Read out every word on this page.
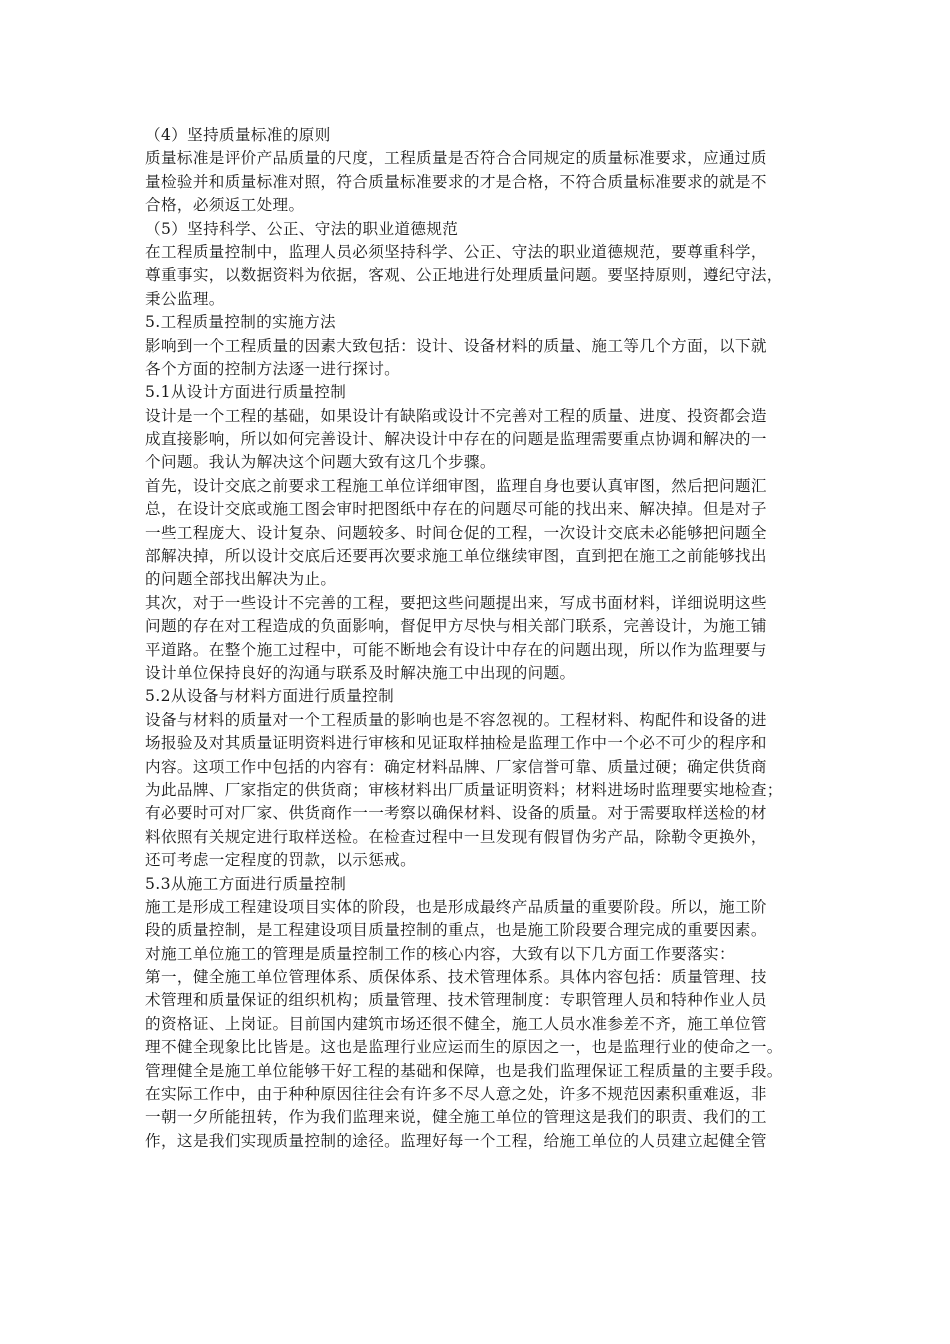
（4）坚持质量标准的原则
质量标准是评价产品质量的尺度，工程质量是否符合合同规定的质量标准要求，应通过质
量检验并和质量标准对照，符合质量标准要求的才是合格，不符合质量标准要求的就是不
合格，必须返工处理。
（5）坚持科学、公正、守法的职业道德规范
在工程质量控制中，监理人员必须坚持科学、公正、守法的职业道德规范，要尊重科学，
尊重事实，以数据资料为依据，客观、公正地进行处理质量问题。要坚持原则，遵纪守法，
秉公监理。
5.工程质量控制的实施方法
影响到一个工程质量的因素大致包括：设计、设备材料的质量、施工等几个方面，以下就
各个方面的控制方法逐一进行探讨。
5.1从设计方面进行质量控制
设计是一个工程的基础，如果设计有缺陷或设计不完善对工程的质量、进度、投资都会造
成直接影响，所以如何完善设计、解决设计中存在的问题是监理需要重点协调和解决的一
个问题。我认为解决这个问题大致有这几个步骤。
首先，设计交底之前要求工程施工单位详细审图，监理自身也要认真审图，然后把问题汇
总，在设计交底或施工图会审时把图纸中存在的问题尽可能的找出来、解决掉。但是对子
一些工程庞大、设计复杂、问题较多、时间仓促的工程，一次设计交底未必能够把问题全
部解决掉，所以设计交底后还要再次要求施工单位继续审图，直到把在施工之前能够找出
的问题全部找出解决为止。
其次，对于一些设计不完善的工程，要把这些问题提出来，写成书面材料，详细说明这些
问题的存在对工程造成的负面影响，督促甲方尽快与相关部门联系，完善设计，为施工铺
平道路。在整个施工过程中，可能不断地会有设计中存在的问题出现，所以作为监理要与
设计单位保持良好的沟通与联系及时解决施工中出现的问题。
5.2从设备与材料方面进行质量控制
设备与材料的质量对一个工程质量的影响也是不容忽视的。工程材料、构配件和设备的进
场报验及对其质量证明资料进行审核和见证取样抽检是监理工作中一个必不可少的程序和
内容。这项工作中包括的内容有：确定材料品牌、厂家信誉可靠、质量过硬；确定供货商
为此品牌、厂家指定的供货商；审核材料出厂质量证明资料；材料进场时监理要实地检查；
有必要时可对厂家、供货商作一一考察以确保材料、设备的质量。对于需要取样送检的材
料依照有关规定进行取样送检。在检查过程中一旦发现有假冒伪劣产品，除勒令更换外，
还可考虑一定程度的罚款，以示惩戒。
5.3从施工方面进行质量控制
施工是形成工程建设项目实体的阶段，也是形成最终产品质量的重要阶段。所以，施工阶
段的质量控制，是工程建设项目质量控制的重点，也是施工阶段要合理完成的重要因素。
对施工单位施工的管理是质量控制工作的核心内容，大致有以下几方面工作要落实：
第一，健全施工单位管理体系、质保体系、技术管理体系。具体内容包括：质量管理、技
术管理和质量保证的组织机构；质量管理、技术管理制度：专职管理人员和特种作业人员
的资格证、上岗证。目前国内建筑市场还很不健全，施工人员水准参差不齐，施工单位管
理不健全现象比比皆是。这也是监理行业应运而生的原因之一，也是监理行业的使命之一。
管理健全是施工单位能够干好工程的基础和保障，也是我们监理保证工程质量的主要手段。
在实际工作中，由于种种原因往往会有许多不尽人意之处，许多不规范因素积重难返，非
一朝一夕所能扭转，作为我们监理来说，健全施工单位的管理这是我们的职责、我们的工
作，这是我们实现质量控制的途径。监理好每一个工程，给施工单位的人员建立起健全管
